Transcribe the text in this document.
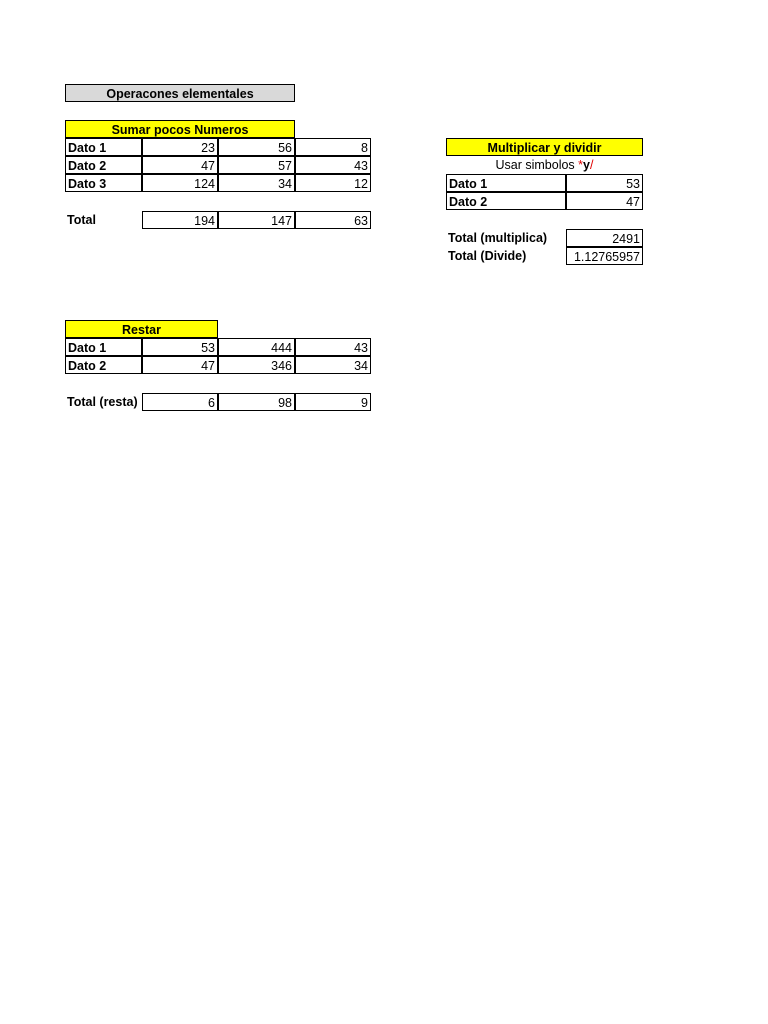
Operacones elementales
Sumar pocos Numeros
Dato 1	23	56	8
Dato 2	47	57	43
Dato 3	124	34	12
Total	194	147	63
Multiplicar y dividir
Usar simbolos *y/
Dato 1	53
Dato 2	47
Total (multiplica)	2491
Total (Divide)	1.12765957
Restar
Dato 1	53	444	43
Dato 2	47	346	34
Total (resta)	6	98	9
